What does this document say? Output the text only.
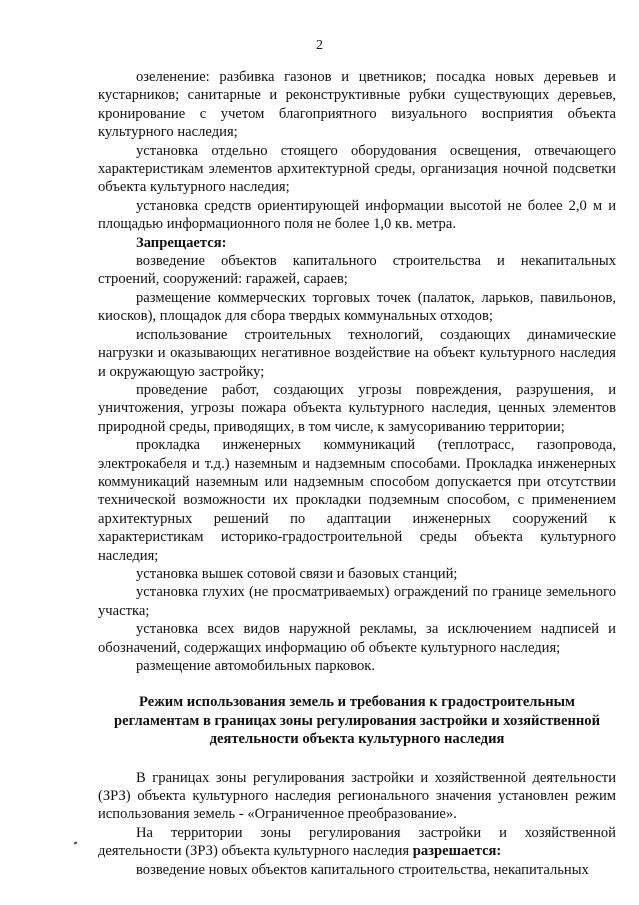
2

озеленение: разбивка газонов и цветников; посадка новых деревьев и кустарников; санитарные и реконструктивные рубки существующих деревьев, кронирование с учетом благоприятного визуального восприятия объекта культурного наследия;

установка отдельно стоящего оборудования освещения, отвечающего характеристикам элементов архитектурной среды, организация ночной подсветки объекта культурного наследия;

установка средств ориентирующей информации высотой не более 2,0 м и площадью информационного поля не более 1,0 кв. метра.

Запрещается:

возведение объектов капитального строительства и некапитальных строений, сооружений: гаражей, сараев;

размещение коммерческих торговых точек (палаток, ларьков, павильонов, киосков), площадок для сбора твердых коммунальных отходов;

использование строительных технологий, создающих динамические нагрузки и оказывающих негативное воздействие на объект культурного наследия и окружающую застройку;

проведение работ, создающих угрозы повреждения, разрушения, и уничтожения, угрозы пожара объекта культурного наследия, ценных элементов природной среды, приводящих, в том числе, к замусориванию территории;

прокладка инженерных коммуникаций (теплотрасс, газопровода, электрокабеля и т.д.) наземным и надземным способами. Прокладка инженерных коммуникаций наземным или надземным способом допускается при отсутствии технической возможности их прокладки подземным способом, с применением архитектурных решений по адаптации инженерных сооружений к характеристикам историко-градостроительной среды объекта культурного наследия;

установка вышек сотовой связи и базовых станций;

установка глухих (не просматриваемых) ограждений по границе земельного участка;

установка всех видов наружной рекламы, за исключением надписей и обозначений, содержащих информацию об объекте культурного наследия;

размещение автомобильных парковок.

Режим использования земель и требования к градостроительным регламентам в границах зоны регулирования застройки и хозяйственной деятельности объекта культурного наследия

В границах зоны регулирования застройки и хозяйственной деятельности (ЗРЗ) объекта культурного наследия регионального значения установлен режим использования земель - «Ограниченное преобразование».

На территории зоны регулирования застройки и хозяйственной деятельности (ЗРЗ) объекта культурного наследия разрешается:

возведение новых объектов капитального строительства, некапитальных
